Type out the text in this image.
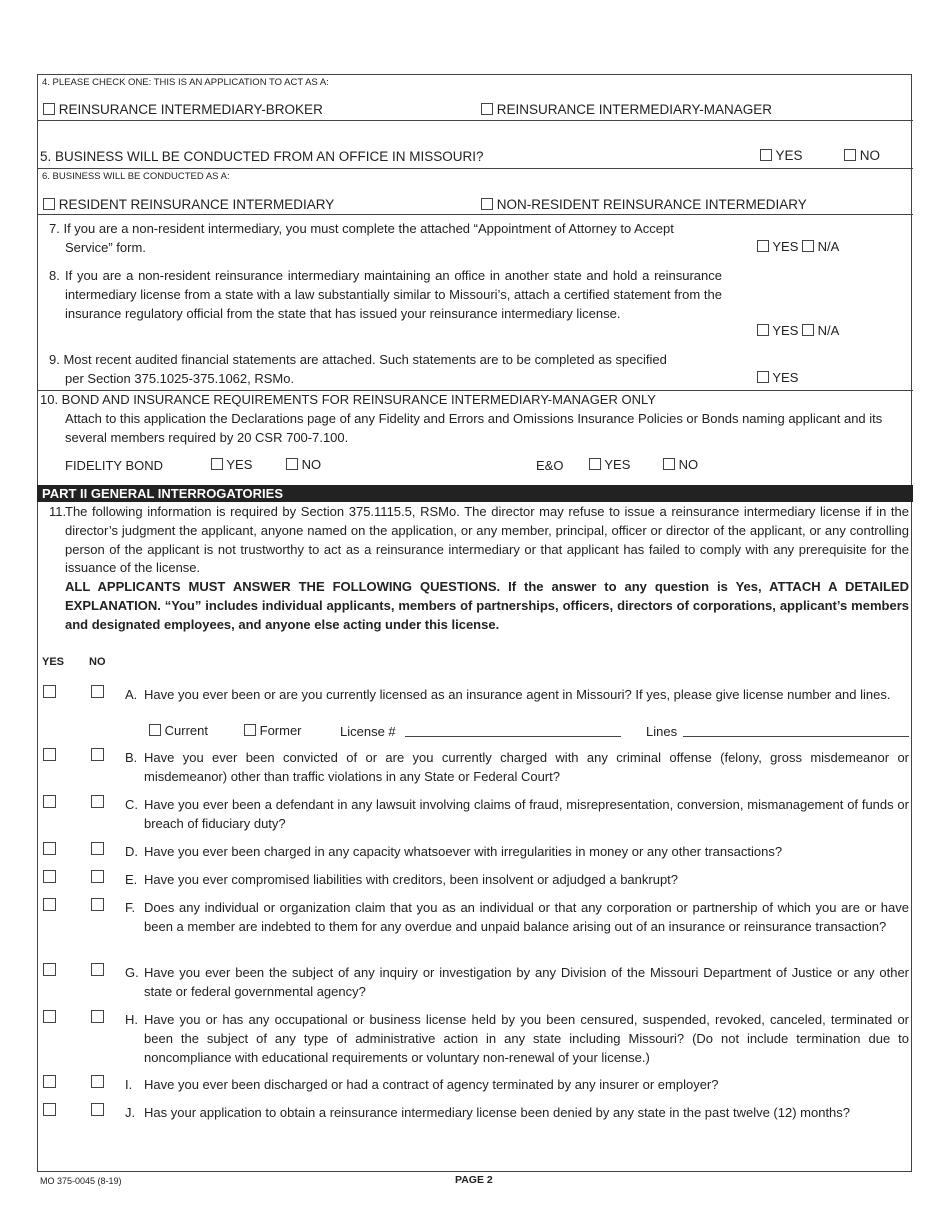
4. PLEASE CHECK ONE: THIS IS AN APPLICATION TO ACT AS A:
REINSURANCE INTERMEDIARY-BROKER	REINSURANCE INTERMEDIARY-MANAGER
5. BUSINESS WILL BE CONDUCTED FROM AN OFFICE IN MISSOURI?	YES	NO
6. BUSINESS WILL BE CONDUCTED AS A:
RESIDENT REINSURANCE INTERMEDIARY	NON-RESIDENT REINSURANCE INTERMEDIARY
7. If you are a non-resident intermediary, you must complete the attached “Appointment of Attorney to Accept
Service” form.	YES N/A
8. If you are a non-resident reinsurance intermediary maintaining an office in another state and hold a reinsurance intermediary license from a state with a law substantially similar to Missouri’s, attach a certified statement from the insurance regulatory official from the state that has issued your reinsurance intermediary license.
YES N/A
9. Most recent audited financial statements are attached. Such statements are to be completed as specified
per Section 375.1025-375.1062, RSMo.	YES
10. BOND AND INSURANCE REQUIREMENTS FOR REINSURANCE INTERMEDIARY-MANAGER ONLY
Attach to this application the Declarations page of any Fidelity and Errors and Omissions Insurance Policies or Bonds naming applicant and its several members required by 20 CSR 700-7.100.
FIDELITY BOND	YES	NO	E&O	YES	NO
PART II GENERAL INTERROGATORIES
11.
The following information is required by Section 375.1115.5, RSMo. The director may refuse to issue a reinsurance intermediary license if in the director’s judgment the applicant, anyone named on the application, or any member, principal, officer or director of the applicant, or any controlling person of the applicant is not trustworthy to act as a reinsurance intermediary or that applicant has failed to comply with any prerequisite for the issuance of the license.
ALL APPLICANTS MUST ANSWER THE FOLLOWING QUESTIONS. If the answer to any question is Yes, ATTACH A DETAILED EXPLANATION. “You” includes individual applicants, members of partnerships, officers, directors of corporations, applicant’s members and designated employees, and anyone else acting under this license.
YES NO
A. Have you ever been or are you currently licensed as an insurance agent in Missouri? If yes, please give license number and lines.
Current	Former	License #	Lines
B. Have you ever been convicted of or are you currently charged with any criminal offense (felony, gross misdemeanor or misdemeanor) other than traffic violations in any State or Federal Court?
C. Have you ever been a defendant in any lawsuit involving claims of fraud, misrepresentation, conversion, mismanagement of funds or breach of fiduciary duty?
D. Have you ever been charged in any capacity whatsoever with irregularities in money or any other transactions?
E. Have you ever compromised liabilities with creditors, been insolvent or adjudged a bankrupt?
F. Does any individual or organization claim that you as an individual or that any corporation or partnership of which you are or have been a member are indebted to them for any overdue and unpaid balance arising out of an insurance or reinsurance transaction?
G. Have you ever been the subject of any inquiry or investigation by any Division of the Missouri Department of Justice or any other state or federal governmental agency?
H. Have you or has any occupational or business license held by you been censured, suspended, revoked, canceled, terminated or been the subject of any type of administrative action in any state including Missouri? (Do not include termination due to noncompliance with educational requirements or voluntary non-renewal of your license.)
I. Have you ever been discharged or had a contract of agency terminated by any insurer or employer?
J. Has your application to obtain a reinsurance intermediary license been denied by any state in the past twelve (12) months?
MO 375-0045 (8-19)	PAGE 2
